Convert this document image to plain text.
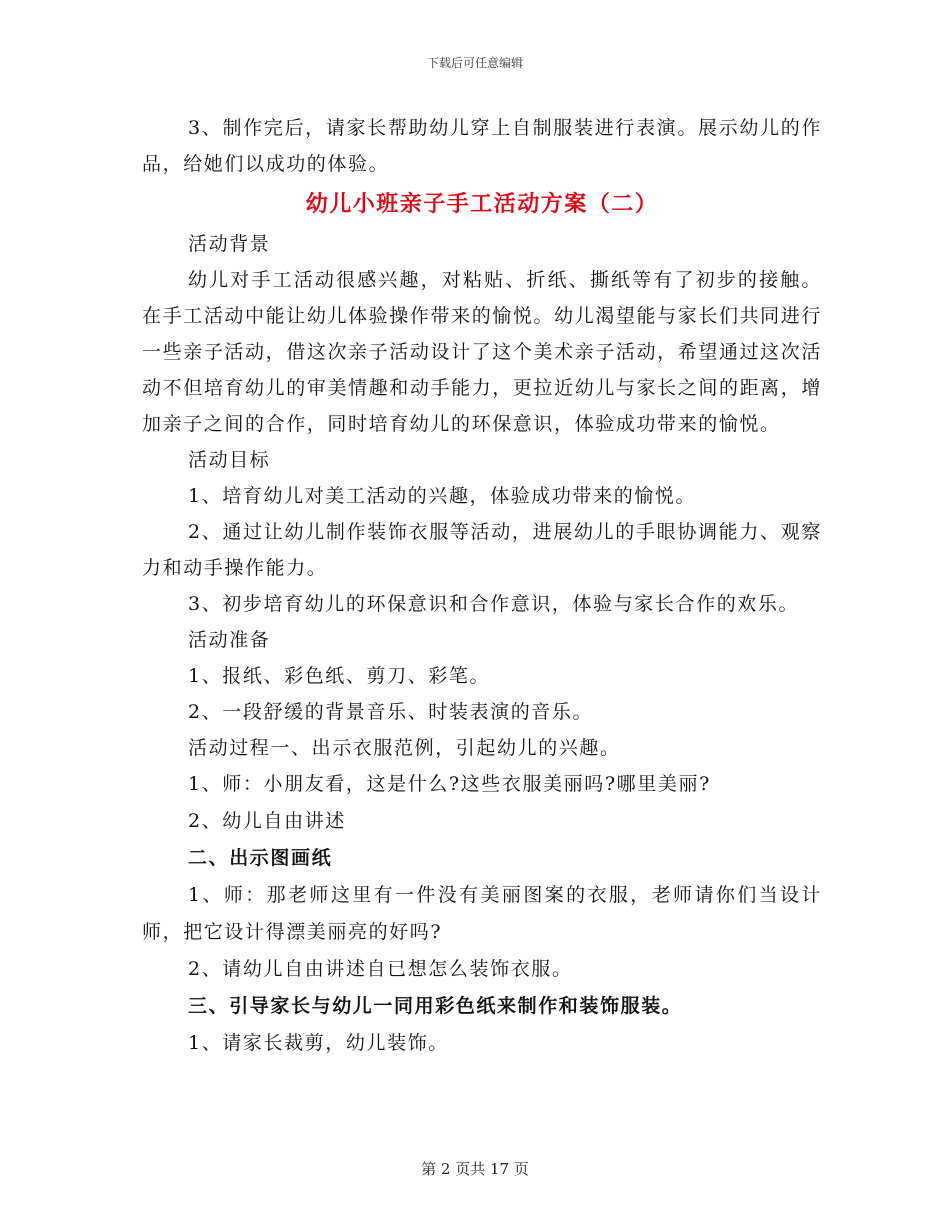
下载后可任意编辑

3、制作完后，请家长帮助幼儿穿上自制服装进行表演。展示幼儿的作品，给她们以成功的体验。

幼儿小班亲子手工活动方案（二）

活动背景

幼儿对手工活动很感兴趣，对粘贴、折纸、撕纸等有了初步的接触。在手工活动中能让幼儿体验操作带来的愉悦。幼儿渴望能与家长们共同进行一些亲子活动，借这次亲子活动设计了这个美术亲子活动，希望通过这次活动不但培育幼儿的审美情趣和动手能力，更拉近幼儿与家长之间的距离，增加亲子之间的合作，同时培育幼儿的环保意识，体验成功带来的愉悦。

活动目标

1、培育幼儿对美工活动的兴趣，体验成功带来的愉悦。

2、通过让幼儿制作装饰衣服等活动，进展幼儿的手眼协调能力、观察力和动手操作能力。

3、初步培育幼儿的环保意识和合作意识，体验与家长合作的欢乐。

活动准备

1、报纸、彩色纸、剪刀、彩笔。

2、一段舒缓的背景音乐、时装表演的音乐。

活动过程一、出示衣服范例，引起幼儿的兴趣。

1、师：小朋友看，这是什么?这些衣服美丽吗?哪里美丽?

2、幼儿自由讲述

二、出示图画纸

1、师：那老师这里有一件没有美丽图案的衣服，老师请你们当设计师，把它设计得漂美丽亮的好吗?

2、请幼儿自由讲述自已想怎么装饰衣服。

三、引导家长与幼儿一同用彩色纸来制作和装饰服装。

1、请家长裁剪，幼儿装饰。

第 2 页共 17 页
